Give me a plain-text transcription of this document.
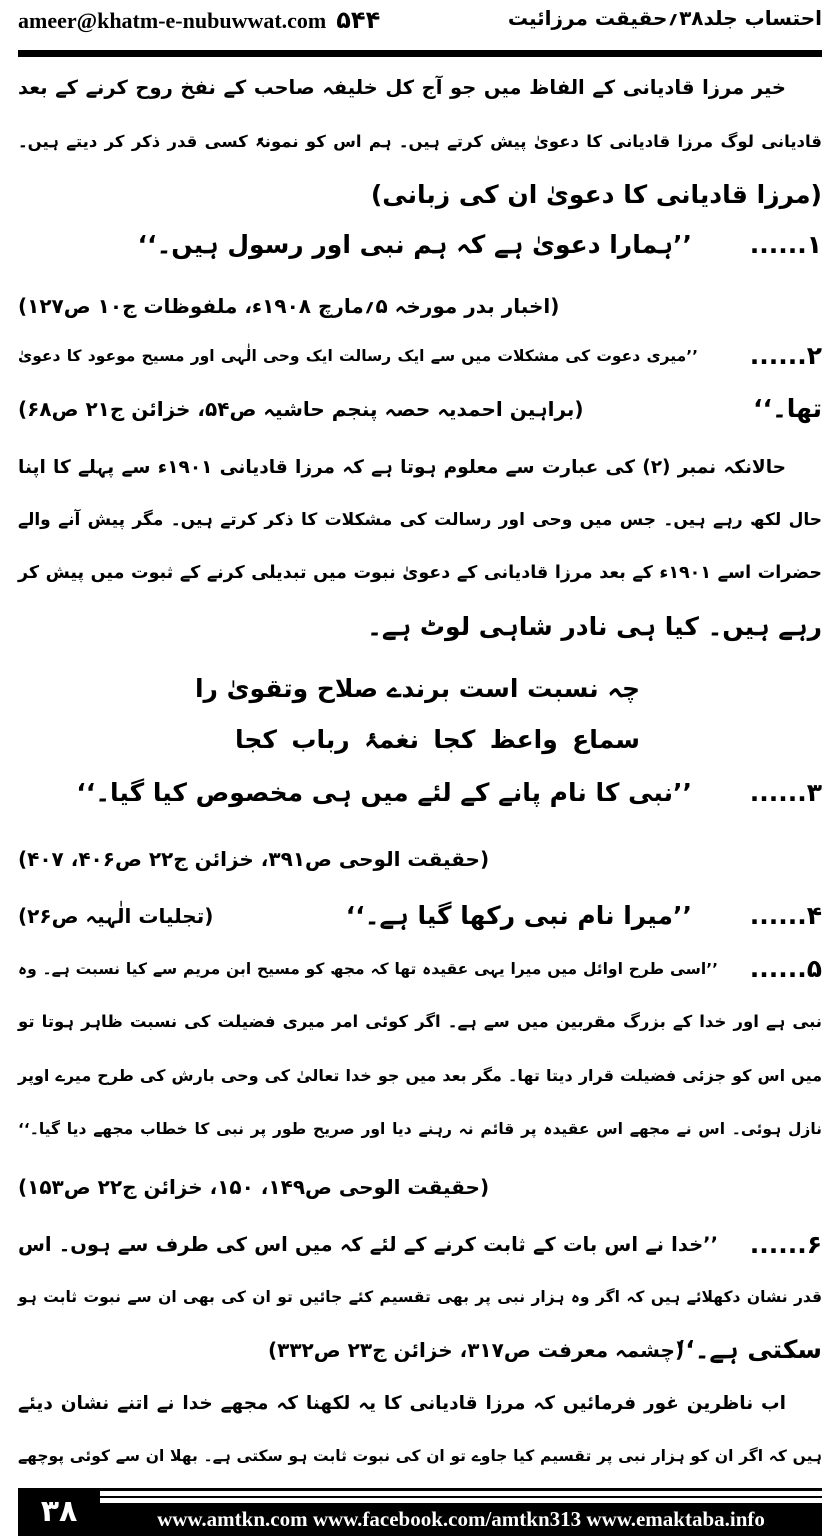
ameer@khatm-e-nubuwwat.com ۵۴۴	احتساب جلد۳۸؍حقیقت مرزائیت
خیر مرزا قادیانی کے الفاظ میں جو آج کل خلیفہ صاحب کے نفخ روح کرنے کے بعد
قادیانی لوگ مرزا قادیانی کا دعویٰ پیش کرتے ہیں۔ ہم اس کو نمونۃً کسی قدر ذکر کر دیتے ہیں۔
(مرزا قادیانی کا دعویٰ ان کی زبانی)
۱......
’’ہمارا دعویٰ ہے کہ ہم نبی اور رسول ہیں۔‘‘
(اخبار بدر مورخہ ۵؍مارچ ۱۹۰۸ء، ملفوظات ج۱۰ ص۱۲۷)
۲......
’’میری دعوت کی مشکلات میں سے ایک رسالت ایک وحی الٰہی اور مسیح موعود کا دعویٰ
تھا۔‘‘
(براہین احمدیہ حصہ پنجم حاشیہ ص۵۴، خزائن ج۲۱ ص۶۸)
حالانکہ نمبر (۲) کی عبارت سے معلوم ہوتا ہے کہ مرزا قادیانی ۱۹۰۱ء سے پہلے کا اپنا
حال لکھ رہے ہیں۔ جس میں وحی اور رسالت کی مشکلات کا ذکر کرتے ہیں۔ مگر پیش آنے والے
حضرات اسے ۱۹۰۱ء کے بعد مرزا قادیانی کے دعویٰ نبوت میں تبدیلی کرنے کے ثبوت میں پیش کر
رہے ہیں۔ کیا ہی نادر شاہی لوٹ ہے۔
چہ نسبت است برندے صلاح وتقویٰ را
سماع واعظ کجا نغمۂ رباب کجا
۳......
’’نبی کا نام پانے کے لئے میں ہی مخصوص کیا گیا۔‘‘
(حقیقت الوحی ص۳۹۱، خزائن ج۲۲ ص۴۰۶، ۴۰۷)
۴......
’’میرا نام نبی رکھا گیا ہے۔‘‘
(تجلیات الٰہیہ ص۲۶)
۵......
’’اسی طرح اوائل میں میرا یہی عقیدہ تھا کہ مجھ کو مسیح ابن مریم سے کیا نسبت ہے۔ وہ
نبی ہے اور خدا کے بزرگ مقربین میں سے ہے۔ اگر کوئی امر میری فضیلت کی نسبت ظاہر ہوتا تو
میں اس کو جزئی فضیلت قرار دیتا تھا۔ مگر بعد میں جو خدا تعالیٰ کی وحی بارش کی طرح میرے اوپر
نازل ہوئی۔ اس نے مجھے اس عقیدہ پر قائم نہ رہنے دیا اور صریح طور پر نبی کا خطاب مجھے دیا گیا۔‘‘
(حقیقت الوحی ص۱۴۹، ۱۵۰، خزائن ج۲۲ ص۱۵۳)
۶......
’’خدا نے اس بات کے ثابت کرنے کے لئے کہ میں اس کی طرف سے ہوں۔ اس
قدر نشان دکھلائے ہیں کہ اگر وہ ہزار نبی پر بھی تقسیم کئے جائیں تو ان کی بھی ان سے نبوت ثابت ہو
سکتی ہے۔‘‘
(چشمہ معرفت ص۳۱۷، خزائن ج۲۳ ص۳۳۲)
اب ناظرین غور فرمائیں کہ مرزا قادیانی کا یہ لکھنا کہ مجھے خدا نے اتنے نشان دیئے
ہیں کہ اگر ان کو ہزار نبی پر تقسیم کیا جاوے تو ان کی نبوت ثابت ہو سکتی ہے۔ بھلا ان سے کوئی پوچھے
۳۸	www.amtkn.com www.facebook.com/amtkn313 www.emaktaba.info
